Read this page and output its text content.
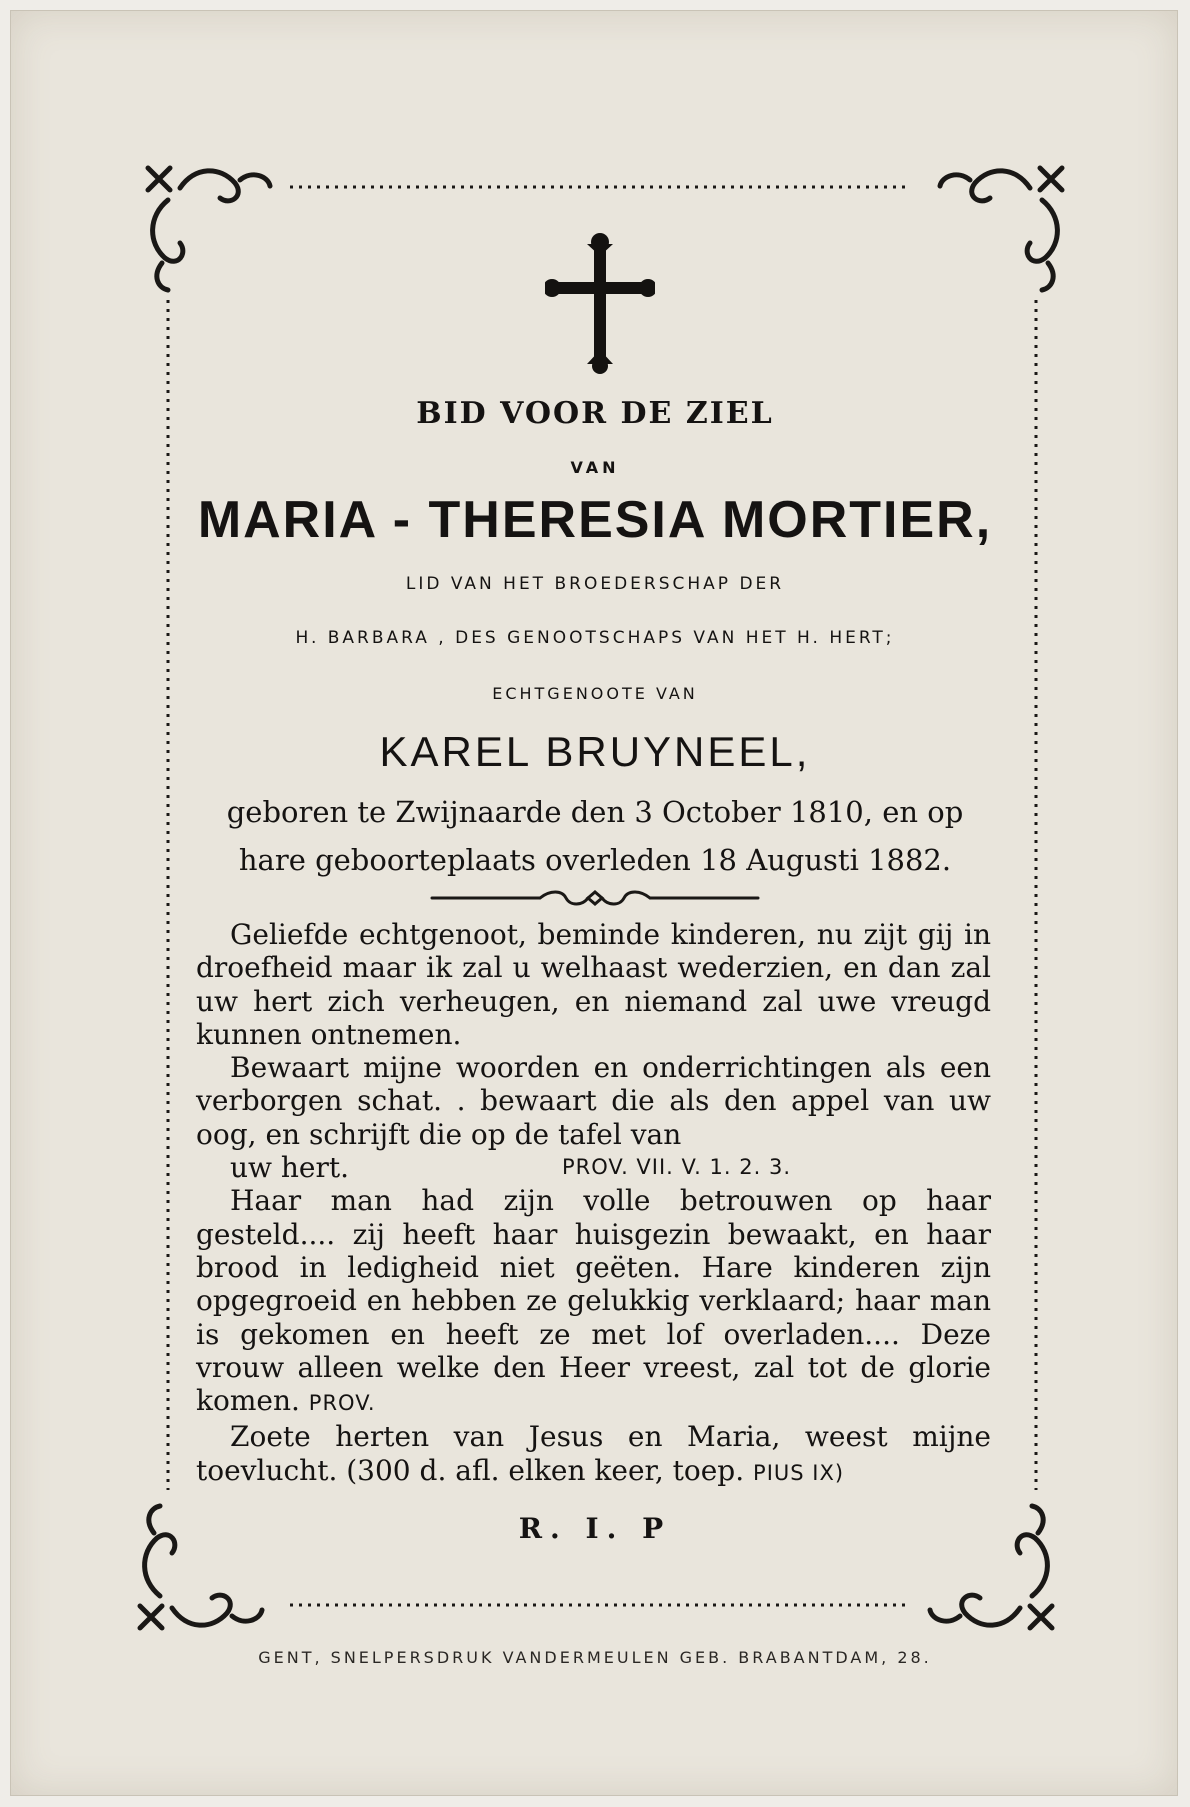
BID VOOR DE ZIEL
VAN
MARIA - THERESIA MORTIER,
LID VAN HET BROEDERSCHAP DER
H. BARBARA , DES GENOOTSCHAPS VAN HET H. HERT;
ECHTGENOOTE VAN
KAREL BRUYNEEL,
geboren te Zwijnaarde den 3 October 1810, en op
hare geboorteplaats overleden 18 Augusti 1882.

Geliefde echtgenoot, beminde kinderen, nu zijt gij in droefheid maar ik zal u welhaast wederzien, en dan zal uw hert zich verheugen, en niemand zal uwe vreugd kunnen ontnemen.

Bewaart mijne woorden en onderrichtingen als een verborgen schat. . bewaart die als den appel van uw oog, en schrijft die op de tafel van

uw hert.	PROV. VII. V. 1. 2. 3.

Haar man had zijn volle betrouwen op haar gesteld.... zij heeft haar huisgezin bewaakt, en haar brood in ledigheid niet geëten. Hare kinderen zijn opgegroeid en hebben ze gelukkig verklaard; haar man is gekomen en heeft ze met lof overladen.... Deze vrouw alleen welke den Heer vreest, zal tot de glorie komen. PROV.

Zoete herten van Jesus en Maria, weest mijne toevlucht. (300 d. afl. elken keer, toep. PIUS IX)

R. I. P
GENT, SNELPERSDRUK VANDERMEULEN GEB. BRABANTDAM, 28.
